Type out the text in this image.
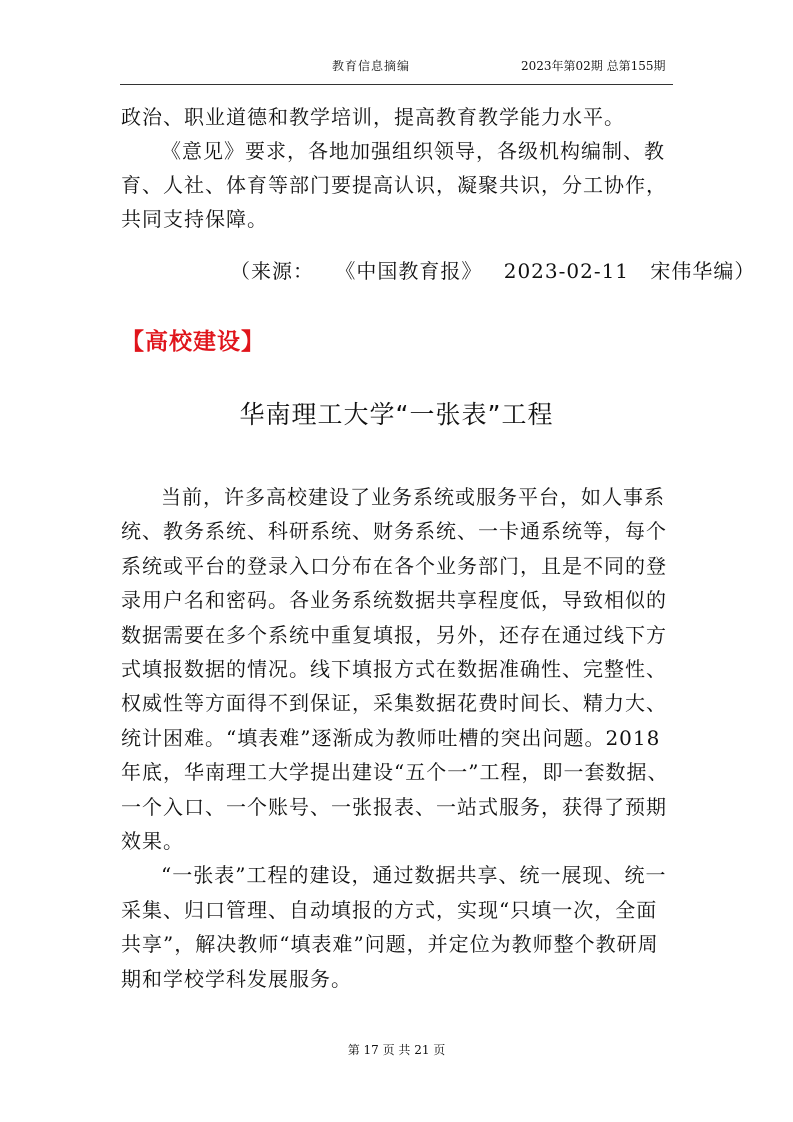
教育信息摘编	2023年第02期 总第155期

政治、职业道德和教学培训，提高教育教学能力水平。

《意见》要求，各地加强组织领导，各级机构编制、教育、人社、体育等部门要提高认识，凝聚共识，分工协作，共同支持保障。

（来源： 《中国教育报》 2023-02-11 宋伟华编）
【高校建设】
华南理工大学“一张表”工程

当前，许多高校建设了业务系统或服务平台，如人事系统、教务系统、科研系统、财务系统、一卡通系统等，每个系统或平台的登录入口分布在各个业务部门，且是不同的登录用户名和密码。各业务系统数据共享程度低，导致相似的数据需要在多个系统中重复填报，另外，还存在通过线下方式填报数据的情况。线下填报方式在数据准确性、完整性、权威性等方面得不到保证，采集数据花费时间长、精力大、统计困难。“填表难”逐渐成为教师吐槽的突出问题。2018 年底，华南理工大学提出建设“五个一”工程，即一套数据、一个入口、一个账号、一张报表、一站式服务，获得了预期效果。

“一张表”工程的建设，通过数据共享、统一展现、统一采集、归口管理、自动填报的方式，实现“只填一次，全面共享”，解决教师“填表难”问题，并定位为教师整个教研周期和学校学科发展服务。

第 17 页 共 21 页
